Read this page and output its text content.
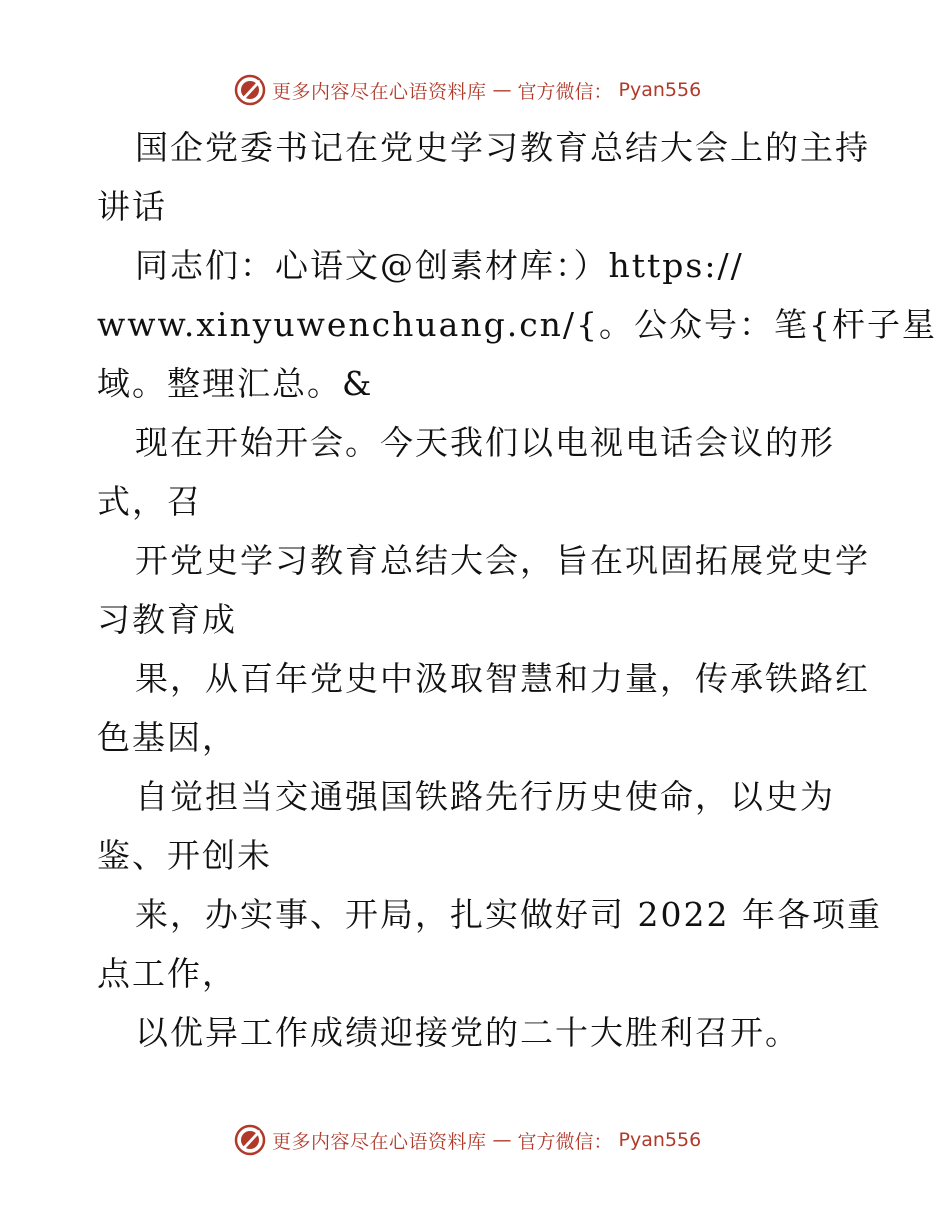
更多内容尽在心语资料库 — 官方微信： Pyan556
国企党委书记在党史学习教育总结大会上的主持
讲话
同志们：心语文@创素材库：）https://
www.xinyuwenchuang.cn/{。公众号：笔{杆子星
域。整理汇总。&
现在开始开会。今天我们以电视电话会议的形
式，召
开党史学习教育总结大会，旨在巩固拓展党史学
习教育成
果，从百年党史中汲取智慧和力量，传承铁路红
色基因，
自觉担当交通强国铁路先行历史使命，以史为
鉴、开创未
来，办实事、开局，扎实做好司 2022 年各项重
点工作，
以优异工作成绩迎接党的二十大胜利召开。
更多内容尽在心语资料库 — 官方微信： Pyan556
